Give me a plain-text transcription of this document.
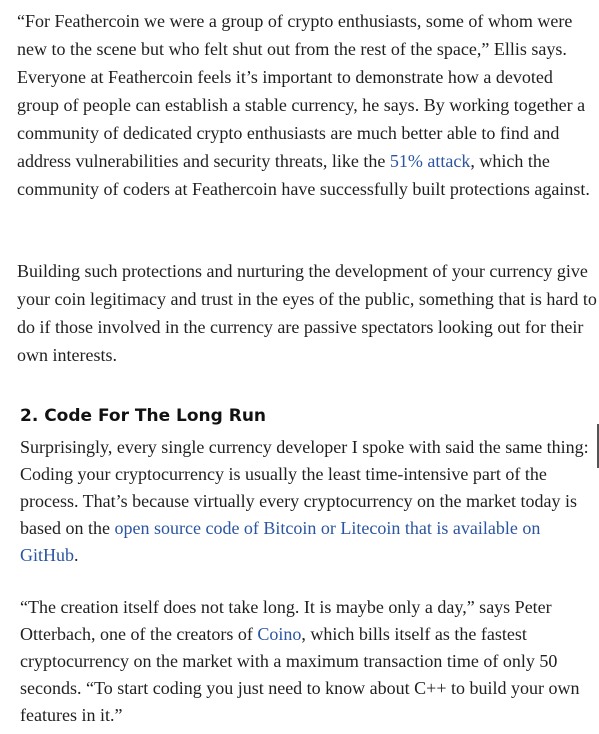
“For Feathercoin we were a group of crypto enthusiasts, some of whom were new to the scene but who felt shut out from the rest of the space,” Ellis says. Everyone at Feathercoin feels it’s important to demonstrate how a devoted group of people can establish a stable currency, he says. By working together a community of dedicated crypto enthusiasts are much better able to find and address vulnerabilities and security threats, like the 51% attack, which the community of coders at Feathercoin have successfully built protections against.

Building such protections and nurturing the development of your currency give your coin legitimacy and trust in the eyes of the public, something that is hard to do if those involved in the currency are passive spectators looking out for their own interests.

2. Code For The Long Run

Surprisingly, every single currency developer I spoke with said the same thing: Coding your cryptocurrency is usually the least time-intensive part of the process. That’s because virtually every cryptocurrency on the market today is based on the open source code of Bitcoin or Litecoin that is available on GitHub.

“The creation itself does not take long. It is maybe only a day,” says Peter Otterbach, one of the creators of Coino, which bills itself as the fastest cryptocurrency on the market with a maximum transaction time of only 50 seconds. “To start coding you just need to know about C++ to build your own features in it.”
